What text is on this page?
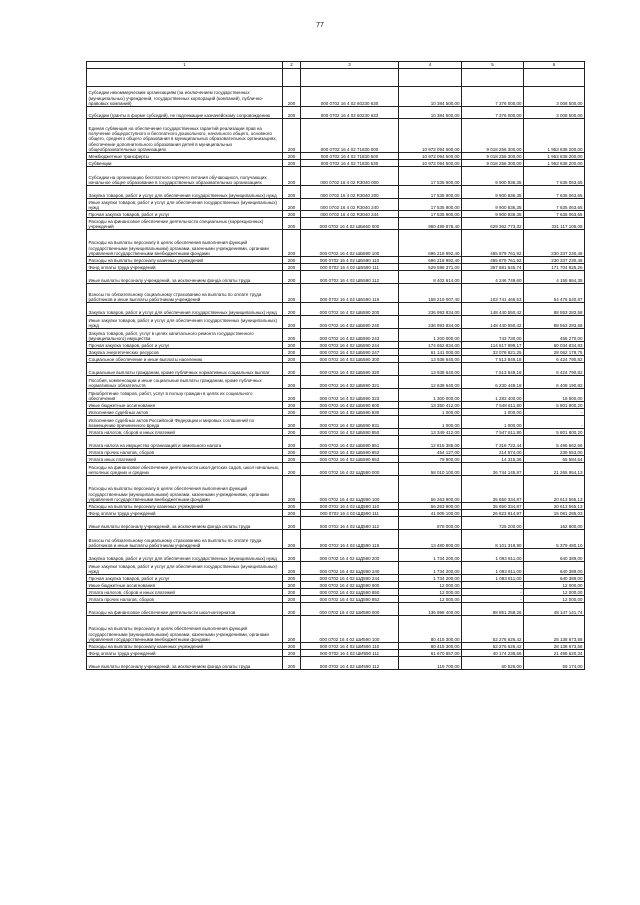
77
1	2	3	4	5	6

Субсидии некоммерческим организациям (за исключением государственных (муниципальных) учреждений, государственных корпораций (компаний), публично-правовых компаний)	200	000 0702 16 4 02 60230 630	10 384 500,00	7 376 000,00	3 008 500,00
Субсидии (гранты в форме субсидий), не подлежащие казначейскому сопровождению	200	000 0702 16 4 02 60230 633	10 384 500,00	7 376 000,00	3 008 500,00
Единая субвенция на обеспечение государственных гарантий реализации прав на получение общедоступного и бесплатного дошкольного, начального общего, основного общего, среднего общего образования в муниципальных образовательных организациях, обеспечение дополнительного образования детей в муниципальных общеобразовательных организациях	200	000 0702 16 4 02 71830 000	10 972 094 500,00	9 018 256 300,00	1 953 838 200,00
Межбюджетные трансферты	200	000 0702 16 4 02 71830 500	10 972 094 500,00	9 018 256 300,00	1 953 838 200,00
Субвенции	200	000 0702 16 4 02 71830 530	10 972 094 500,00	9 018 256 300,00	1 953 838 200,00
Субсидии на организацию бесплатного горячего питания обучающихся, получающих начальное общее образование в государственных образовательных организациях	200	000 0702 16 4 02 R3040 000	17 535 900,00	9 900 836,35	7 635 063,65
Закупка товаров, работ и услуг для обеспечения государственных (муниципальных) нужд	200	000 0702 16 4 02 R3040 200	17 535 900,00	9 900 836,35	7 635 063,65
Иные закупки товаров, работ и услуг для обеспечения государственных (муниципальных) нужд	200	000 0702 16 4 02 R3040 240	17 535 900,00	9 900 836,35	7 635 063,65
Прочая закупка товаров, работ и услуг	200	000 0702 16 4 02 R3040 244	17 535 900,00	9 900 836,35	7 635 063,65
Расходы на финансовое обеспечение деятельности специальных (коррекционных) учреждений	200	000 0702 16 4 02 ШБ660 000	960 499 878,40	629 362 773,32	331 117 105,08
Расходы на выплаты персоналу в целях обеспечения выполнения функций государственными (муниципальными) органами, казенными учреждениями, органами управления государственными внебюджетными фондами	200	000 0702 16 4 02 ШБ590 100	696 218 992,40	465 879 761,92	230 337 230,48
Расходы на выплаты персоналу казенных учреждений	200	000 0702 16 4 02 ШБ590 110	696 218 992,40	465 879 761,92	230 337 230,48
Фонд оплаты труда учреждений	200	000 0702 16 4 02 ШБ590 111	529 596 371,00	357 881 545,74	171 704 825,26
Иные выплаты персоналу учреждений, за исключением фонда оплаты труда	200	000 0702 16 4 02 ШБ590 112	8 402 614,00	4 246 749,60	4 155 864,35
Взносы по обязательному социальному страхованию на выплаты по оплате труда работников и иные выплаты работникам учреждений	200	000 0702 16 4 02 ШБ590 119	158 219 007,40	103 741 466,53	54 476 540,87
Закупка товаров, работ и услуг для обеспечения государственных (муниципальных) нужд	200	000 0702 16 4 02 ШБ590 200	236 993 834,00	148 440 550,42	88 553 283,58
Иные закупки товаров, работ и услуг для обеспечения государственных (муниципальных) нужд	200	000 0702 16 4 02 ШБ590 240	236 993 834,00	148 440 550,42	88 553 283,58
Закупка товаров, работ, услуг в целях капитального ремонта государственного (муниципального) имущества	200	000 0702 16 4 02 ШБ590 243	1 200 000,00	743 730,00	456 270,00
Прочая закупка товаров, работ и услуг	200	000 0702 16 4 02 ШБ590 244	174 652 834,00	114 617 999,17	60 034 834,83
Закупка энергетических ресурсов	200	000 0702 16 4 02 ШБ590 247	61 141 000,00	33 078 821,25	28 062 178,75
Социальное обеспечение и иные выплаты населению	200	000 0702 16 4 02 ШБ590 300	13 938 640,00	7 513 849,18	6 424 790,82
Социальные выплаты гражданам, кроме публичных нормативных социальных выплат	200	000 0702 16 4 02 ШБ590 320	13 938 640,00	7 513 849,18	6 424 790,82
Пособия, компенсации и иные социальные выплаты гражданам, кроме публичных нормативных обязательств	200	000 0702 16 4 02 ШБ590 321	12 638 640,00	6 230 449,18	6 408 190,82
Приобретение товаров, работ, услуг в пользу граждан в целях их социального обеспечения	200	000 0702 16 4 02 ШБ590 323	1 300 000,00	1 283 400,00	16 600,00
Иные бюджетные ассигнования	200	000 0702 16 4 02 ШБ590 800	13 350 412,00	7 548 611,80	5 801 800,20
Исполнение судебных актов	200	000 0702 16 4 02 ШБ590 830	1 000,00	1 000,00	-
Исполнение судебных актов Российской Федерации и мировых соглашений по возмещению причиненного вреда	200	000 0702 16 4 02 ШБ590 831	1 000,00	1 000,00	-
Уплата налогов, сборов и иных платежей	200	000 0702 16 4 02 ШБ590 850	13 349 412,00	7 547 611,80	5 801 800,20
Уплата налога на имущество организаций и земельного налога	200	000 0702 16 4 02 ШБ590 851	12 815 385,00	7 318 722,44	5 496 662,56
Уплата прочих налогов, сборов	200	000 0702 16 4 02 ШБ590 852	454 127,00	214 574,00	239 553,00
Уплата иных платежей	200	000 0702 16 4 02 ШБ590 853	79 900,00	14 315,36	65 584,64
Расходы на финансовое обеспечение деятельности школ-детских садов, школ начальных, неполных средних и средних	200	000 0702 16 4 02 ШД590 000	58 010 100,00	36 744 145,87	21 265 954,13
Расходы на выплаты персоналу в целях обеспечения выполнения функций государственными (муниципальными) органами, казенными учреждениями, органами управления государственными внебюджетными фондами	200	000 0702 16 4 02 ШД590 100	56 263 900,00	35 650 334,87	20 613 565,13
Расходы на выплаты персоналу казенных учреждений	200	000 0702 16 4 02 ШД590 110	56 263 900,00	35 650 334,87	20 613 565,13
Фонд оплаты труда учреждений	200	000 0702 16 4 02 ШД590 111	41 905 100,00	26 823 814,97	15 081 285,03
Иные выплаты персоналу учреждений, за исключением фонда оплаты труда	200	000 0702 16 4 02 ШД590 112	878 000,00	725 200,00	152 800,00
Взносы по обязательному социальному страхованию на выплаты по оплате труда работников и иные выплаты работникам учреждений	200	000 0702 16 4 02 ШД590 119	13 480 800,00	8 101 319,90	5 379 480,10
Закупка товаров, работ и услуг для обеспечения государственных (муниципальных) нужд	200	000 0702 16 4 02 ШД590 200	1 734 200,00	1 093 811,00	640 389,00
Иные закупки товаров, работ и услуг для обеспечения государственных (муниципальных) нужд	200	000 0702 16 4 02 ШД590 240	1 734 200,00	1 093 811,00	640 389,00
Прочая закупка товаров, работ и услуг	200	000 0702 16 4 02 ШД590 244	1 734 200,00	1 093 811,00	640 389,00
Иные бюджетные ассигнования	200	000 0702 16 4 02 ШД590 800	12 000,00	-	12 000,00
Уплата налогов, сборов и иных платежей	200	000 0702 16 4 02 ШД590 850	12 000,00	-	12 000,00
Уплата прочих налогов, сборов	200	000 0702 16 4 02 ШД590 852	12 000,00	-	12 000,00
Расходы на финансовое обеспечение деятельности школ-интернатов	200	000 0702 16 4 02 ШИ590 000	136 998 400,00	88 851 258,26	48 147 141,74
Расходы на выплаты персоналу в целях обеспечения выполнения функций государственными (муниципальными) органами, казенными учреждениями, органами управления государственными внебюджетными фондами	200	000 0702 16 4 02 ШИ590 100	80 415 300,00	52 276 626,42	28 138 673,58
Расходы на выплаты персоналу казенных учреждений	200	000 0702 16 4 02 ШИ590 110	80 415 300,00	52 276 626,42	28 138 673,58
Фонд оплаты труда учреждений	200	000 0702 16 4 02 ШИ590 111	61 670 857,00	40 174 236,66	21 496 620,34
Иные выплаты персоналу учреждений, за исключением фонда оплаты труда	200	000 0702 16 4 02 ШИ590 112	119 700,00	60 526,00	59 174,00
